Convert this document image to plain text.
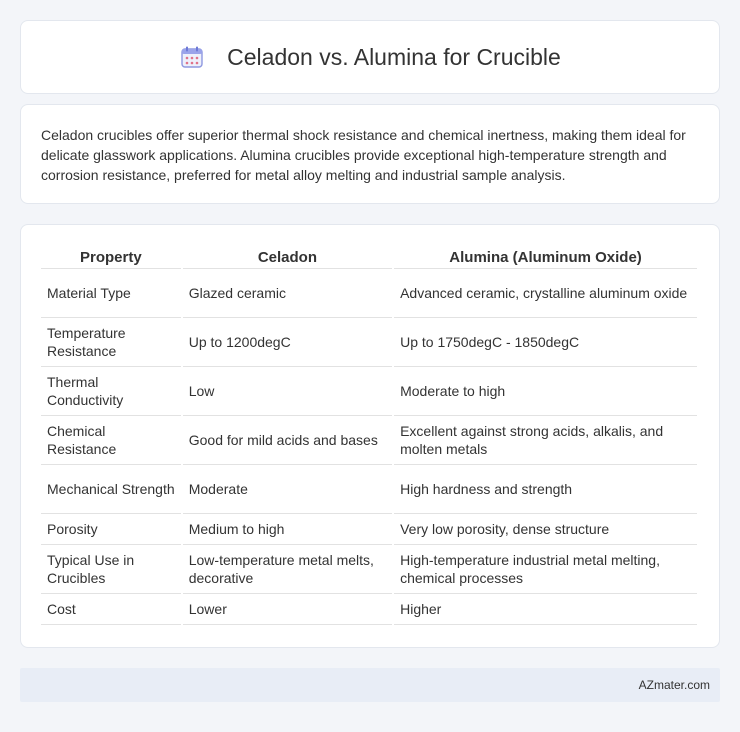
Celadon vs. Alumina for Crucible

Celadon crucibles offer superior thermal shock resistance and chemical inertness, making them ideal for delicate glasswork applications. Alumina crucibles provide exceptional high-temperature strength and corrosion resistance, preferred for metal alloy melting and industrial sample analysis.

Property	Celadon	Alumina (Aluminum Oxide)
Material Type	Glazed ceramic	Advanced ceramic, crystalline aluminum oxide
Temperature Resistance	Up to 1200degC	Up to 1750degC - 1850degC
Thermal Conductivity	Low	Moderate to high
Chemical Resistance	Good for mild acids and bases	Excellent against strong acids, alkalis, and molten metals
Mechanical Strength	Moderate	High hardness and strength
Porosity	Medium to high	Very low porosity, dense structure
Typical Use in Crucibles	Low-temperature metal melts, decorative	High-temperature industrial metal melting, chemical processes
Cost	Lower	Higher
AZmater.com
